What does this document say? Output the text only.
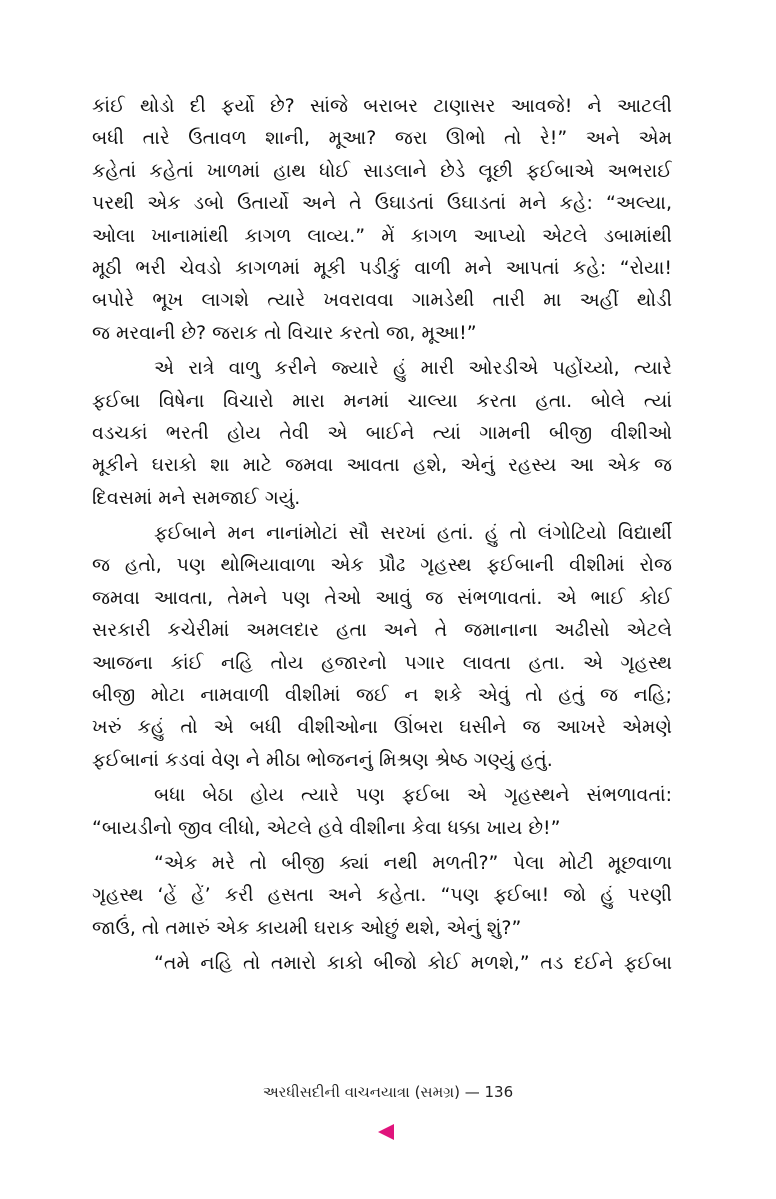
કાંઈ થોડો દી ફર્યો છે? સાંજે બરાબર ટાણાસર આવજે! ને આટલી
બધી તારે ઉતાવળ શાની, મૂઆ? જરા ઊભો તો રે!” અને એમ
કહેતાં કહેતાં ખાળમાં હાથ ધોઈ સાડલાને છેડે લૂછી ફઈબાએ અભરાઈ
પરથી એક ડબો ઉતાર્યો અને તે ઉઘાડતાં ઉઘાડતાં મને કહે: “અલ્યા,
ઓલા ખાનામાંથી કાગળ લાવ્ય.” મેં કાગળ આપ્યો એટલે ડબામાંથી
મૂઠી ભરી ચેવડો કાગળમાં મૂકી પડીકું વાળી મને આપતાં કહે: “રોયા!
બપોરે ભૂખ લાગશે ત્યારે ખવરાવવા ગામડેથી તારી મા અહીં થોડી
જ મરવાની છે? જરાક તો વિચાર કરતો જા, મૂઆ!”
એ રાત્રે વાળુ કરીને જ્યારે હું મારી ઓરડીએ પહોંચ્યો, ત્યારે
ફઈબા વિષેના વિચારો મારા મનમાં ચાલ્યા કરતા હતા. બોલે ત્યાં
વડચકાં ભરતી હોય તેવી એ બાઈને ત્યાં ગામની બીજી વીશીઓ
મૂકીને ઘરાકો શા માટે જમવા આવતા હશે, એનું રહસ્ય આ એક જ
દિવસમાં મને સમજાઈ ગયું.
ફઈબાને મન નાનાંમોટાં સૌ સરખાં હતાં. હું તો લંગોટિયો વિદ્યાર્થી
જ હતો, પણ થોભિયાવાળા એક પ્રૌઢ ગૃહસ્થ ફઈબાની વીશીમાં રોજ
જમવા આવતા, તેમને પણ તેઓ આવું જ સંભળાવતાં. એ ભાઈ કોઈ
સરકારી કચેરીમાં અમલદાર હતા અને તે જમાનાના અઢીસો એટલે
આજના કાંઈ નહિ તોય હજારનો પગાર લાવતા હતા. એ ગૃહસ્થ
બીજી મોટા નામવાળી વીશીમાં જઈ ન શકે એવું તો હતું જ નહિ;
ખરું કહું તો એ બધી વીશીઓના ઊંબરા ઘસીને જ આખરે એમણે
ફઈબાનાં કડવાં વેણ ને મીઠા ભોજનનું મિશ્રણ શ્રેષ્ઠ ગણ્યું હતું.
બધા બેઠા હોય ત્યારે પણ ફઈબા એ ગૃહસ્થને સંભળાવતાં:
“બાયડીનો જીવ લીધો, એટલે હવે વીશીના કેવા ધક્કા ખાય છે!”
“એક મરે તો બીજી ક્યાં નથી મળતી?” પેલા મોટી મૂછવાળા
ગૃહસ્થ ‘હેં હેં’ કરી હસતા અને કહેતા. “પણ ફઈબા! જો હું પરણી
જાઉં, તો તમારું એક કાયમી ઘરાક ઓછું થશે, એનું શું?”
“તમે નહિ તો તમારો કાકો બીજો કોઈ મળશે,” તડ દઈને ફઈબા
અરધીસદીની વાચનયાત્રા (સમગ્ર) — 136
